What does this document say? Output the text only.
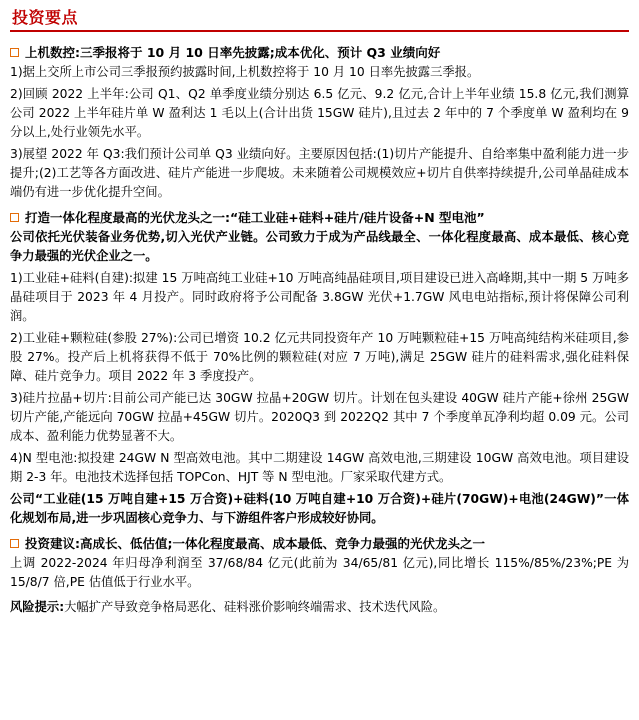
投资要点
上机数控:三季报将于 10 月 10 日率先披露;成本优化、预计 Q3 业绩向好

1)据上交所上市公司三季报预约披露时间,上机数控将于 10 月 10 日率先披露三季报。

2)回顾 2022 上半年:公司 Q1、Q2 单季度业绩分别达 6.5 亿元、9.2 亿元,合计上半年业绩 15.8 亿元,我们测算公司 2022 上半年硅片单 W 盈利达 1 毛以上(合计出货 15GW 硅片),且过去 2 年中的 7 个季度单 W 盈利均在 9 分以上,处行业领先水平。

3)展望 2022 年 Q3:我们预计公司单 Q3 业绩向好。主要原因包括:(1)切片产能提升、自给率集中盈利能力进一步提升;(2)工艺等各方面改进、硅片产能进一步爬坡。未来随着公司规模效应+切片自供率持续提升,公司单晶硅成本端仍有进一步优化提升空间。

打造一体化程度最高的光伏龙头之一:“硅工业硅+硅料+硅片/硅片设备+N 型电池”

公司依托光伏装备业务优势,切入光伏产业链。公司致力于成为产品线最全、一体化程度最高、成本最低、核心竞争力最强的光伏企业之一。

1)工业硅+硅料(自建):拟建 15 万吨高纯工业硅+10 万吨高纯晶硅项目,项目建设已进入高峰期,其中一期 5 万吨多晶硅项目于 2023 年 4 月投产。同时政府将予公司配备 3.8GW 光伏+1.7GW 风电电站指标,预计将保障公司利润。

2)工业硅+颗粒硅(参股 27%):公司已增资 10.2 亿元共同投资年产 10 万吨颗粒硅+15 万吨高纯结构米硅项目,参股 27%。投产后上机将获得不低于 70%比例的颗粒硅(对应 7 万吨),满足 25GW 硅片的硅料需求,强化硅料保障、硅片竞争力。项目 2022 年 3 季度投产。

3)硅片拉晶+切片:目前公司产能已达 30GW 拉晶+20GW 切片。计划在包头建设 40GW 硅片产能+徐州 25GW 切片产能,产能远向 70GW 拉晶+45GW 切片。2020Q3 到 2022Q2 其中 7 个季度单瓦净利均超 0.09 元。公司成本、盈利能力优势显著不大。

4)N 型电池:拟投建 24GW N 型高效电池。其中二期建设 14GW 高效电池,三期建设 10GW 高效电池。项目建设期 2-3 年。电池技术选择包括 TOPCon、HJT 等 N 型电池。厂家采取代建方式。

公司“工业硅(15 万吨自建+15 万合资)+硅料(10 万吨自建+10 万合资)+硅片(70GW)+电池(24GW)”一体化规划布局,进一步巩固核心竞争力、与下游组件客户形成较好协同。

投资建议:高成长、低估值;一体化程度最高、成本最低、竞争力最强的光伏龙头之一

上调 2022-2024 年归母净利润至 37/68/84 亿元(此前为 34/65/81 亿元),同比增长 115%/85%/23%;PE 为 15/8/7 倍,PE 估值低于行业水平。

风险提示:大幅扩产导致竞争格局恶化、硅料涨价影响终端需求、技术迭代风险。
